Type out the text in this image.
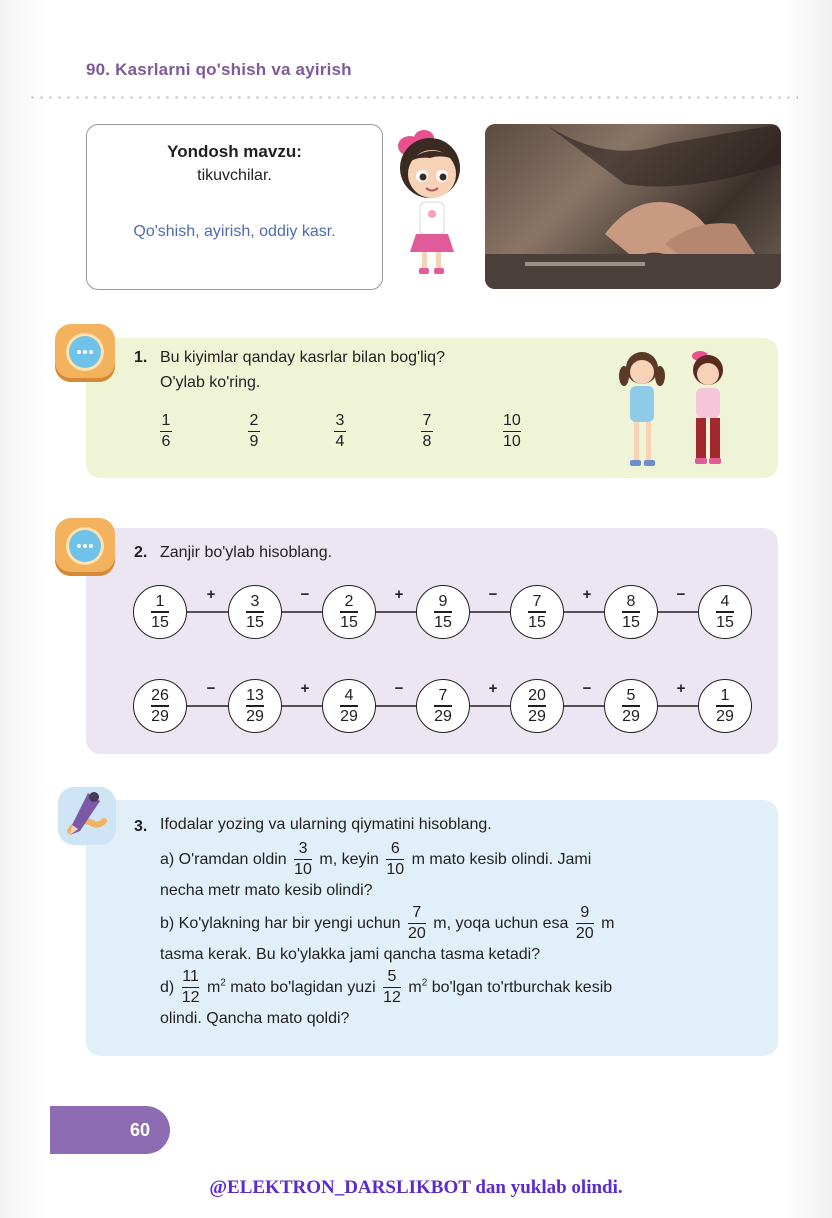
90. Kasrlarni qo'shish va ayirish
Yondosh mavzu:
tikuvchilar.
Qo'shish, ayirish, oddiy kasr.
1. Bu kiyimlar qanday kasrlar bilan bog'liq?
O'ylab ko'ring.
$\frac{1}{6}$	$\frac{2}{9}$	$\frac{3}{4}$	$\frac{7}{8}$	$\frac{10}{10}$
2. Zanjir bo'ylab hisoblang.
$\frac{1}{15}$	+ $\frac{3}{15} - \frac{2}{15} + \frac{9}{15} - \frac{7}{15} + \frac{8}{15} - \frac{4}{15}$
$\frac{26}{29}$	− $\frac{13}{29} + \frac{4}{29} - \frac{7}{29} + \frac{20}{29} - \frac{5}{29} + \frac{1}{29}$
3. Ifodalar yozing va ularning qiymatini hisoblang.
a) O'ramdan oldin $\frac{3}{10} m$, keyin $\frac{6}{10}$ m mato kesib olindi. Jami
necha metr mato kesib olindi?
b) Ko'ylakning har bir yengi uchun $\frac{7}{20} m$, yoqa uchun esa $\frac{9}{20}$ m
tasma kerak. Bu ko'ylakka jami qancha tasma ketadi?
$d) \frac{11}{12} m^2$ mato bo'lagidan yuzi $\frac{5}{12} m^2$ bo'lgan to'rtburchak kesib
olindi. Qancha mato qoldi?
60
@ELEKTRON_DARSLIKBOT dan yuklab olindi.
